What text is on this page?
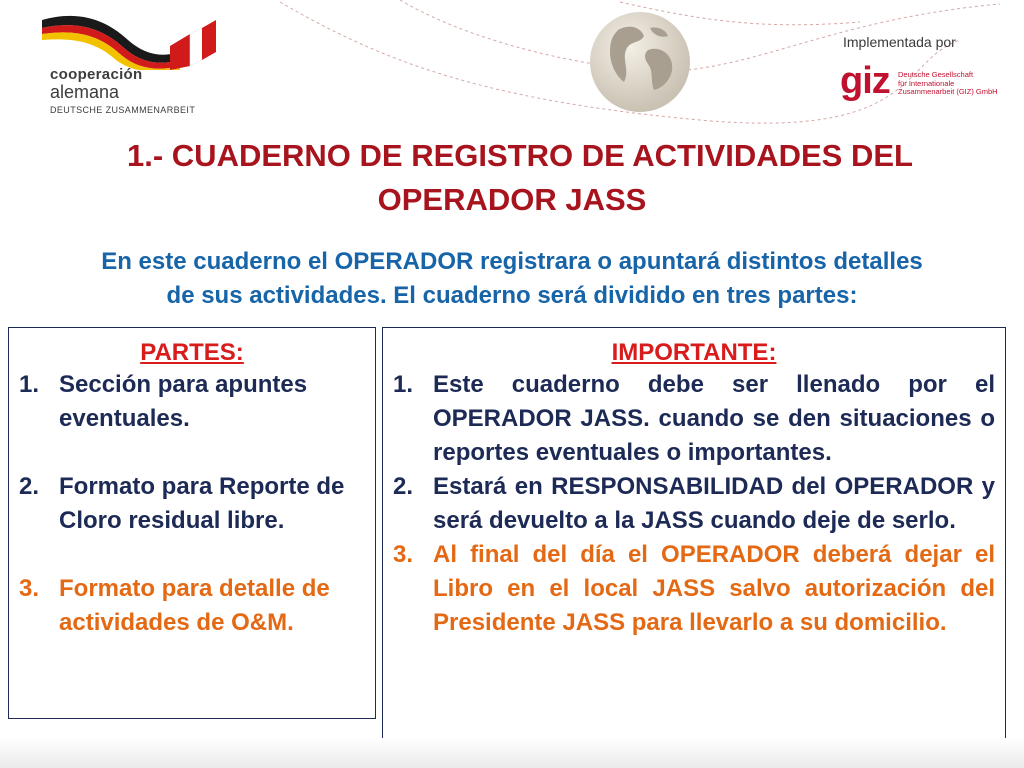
cooperación
alemana
DEUTSCHE ZUSAMMENARBEIT
Implementada por
giz Deutsche Gesellschaft
für Internationale
Zusammenarbeit (GIZ) GmbH
1.- CUADERNO DE REGISTRO DE ACTIVIDADES DEL
OPERADOR JASS
En este cuaderno el OPERADOR registrara o apuntará distintos detalles
de sus actividades. El cuaderno será dividido en tres partes:
PARTES:
1. Sección para apuntes eventuales.
2. Formato para Reporte de Cloro residual libre.
3. Formato para detalle de actividades de O&M.
IMPORTANTE:
1. Este cuaderno debe ser llenado por el OPERADOR JASS. cuando se den situaciones o reportes eventuales o importantes.
2. Estará en RESPONSABILIDAD del OPERADOR y será devuelto a la JASS cuando deje de serlo.
3. Al final del día el OPERADOR deberá dejar el Libro en el local JASS salvo autorización del Presidente JASS para llevarlo a su domicilio.
